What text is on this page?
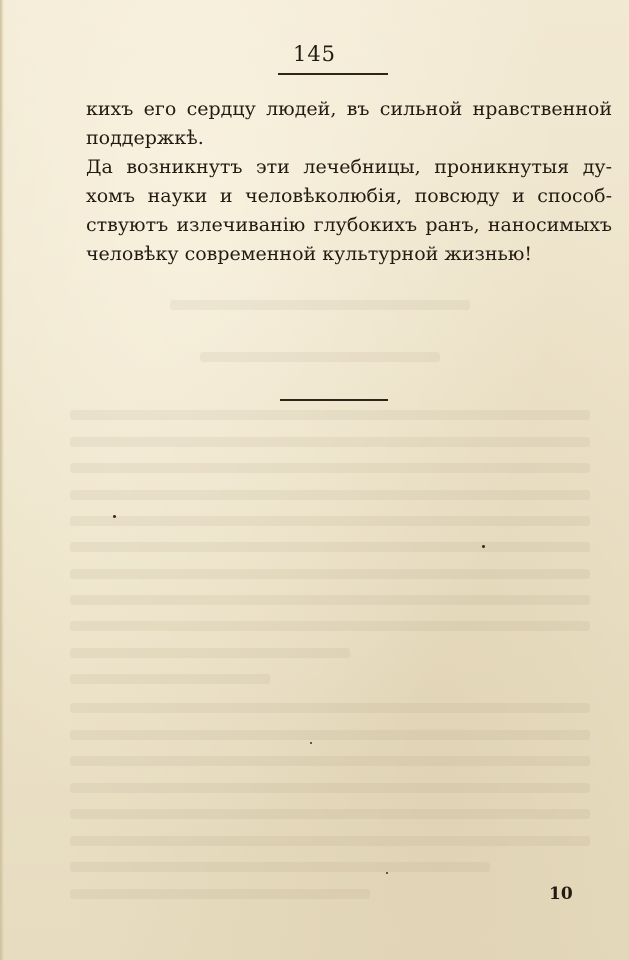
145
кихъ его сердцу людей, въ сильной нравственной
поддержкѣ.
Да возникнутъ эти лечебницы, проникнутыя ду-
хомъ науки и человѣколюбія, повсюду и способ-
ствуютъ излечиванію глубокихъ ранъ, наносимыхъ
человѣку современной культурной жизнью!
10
